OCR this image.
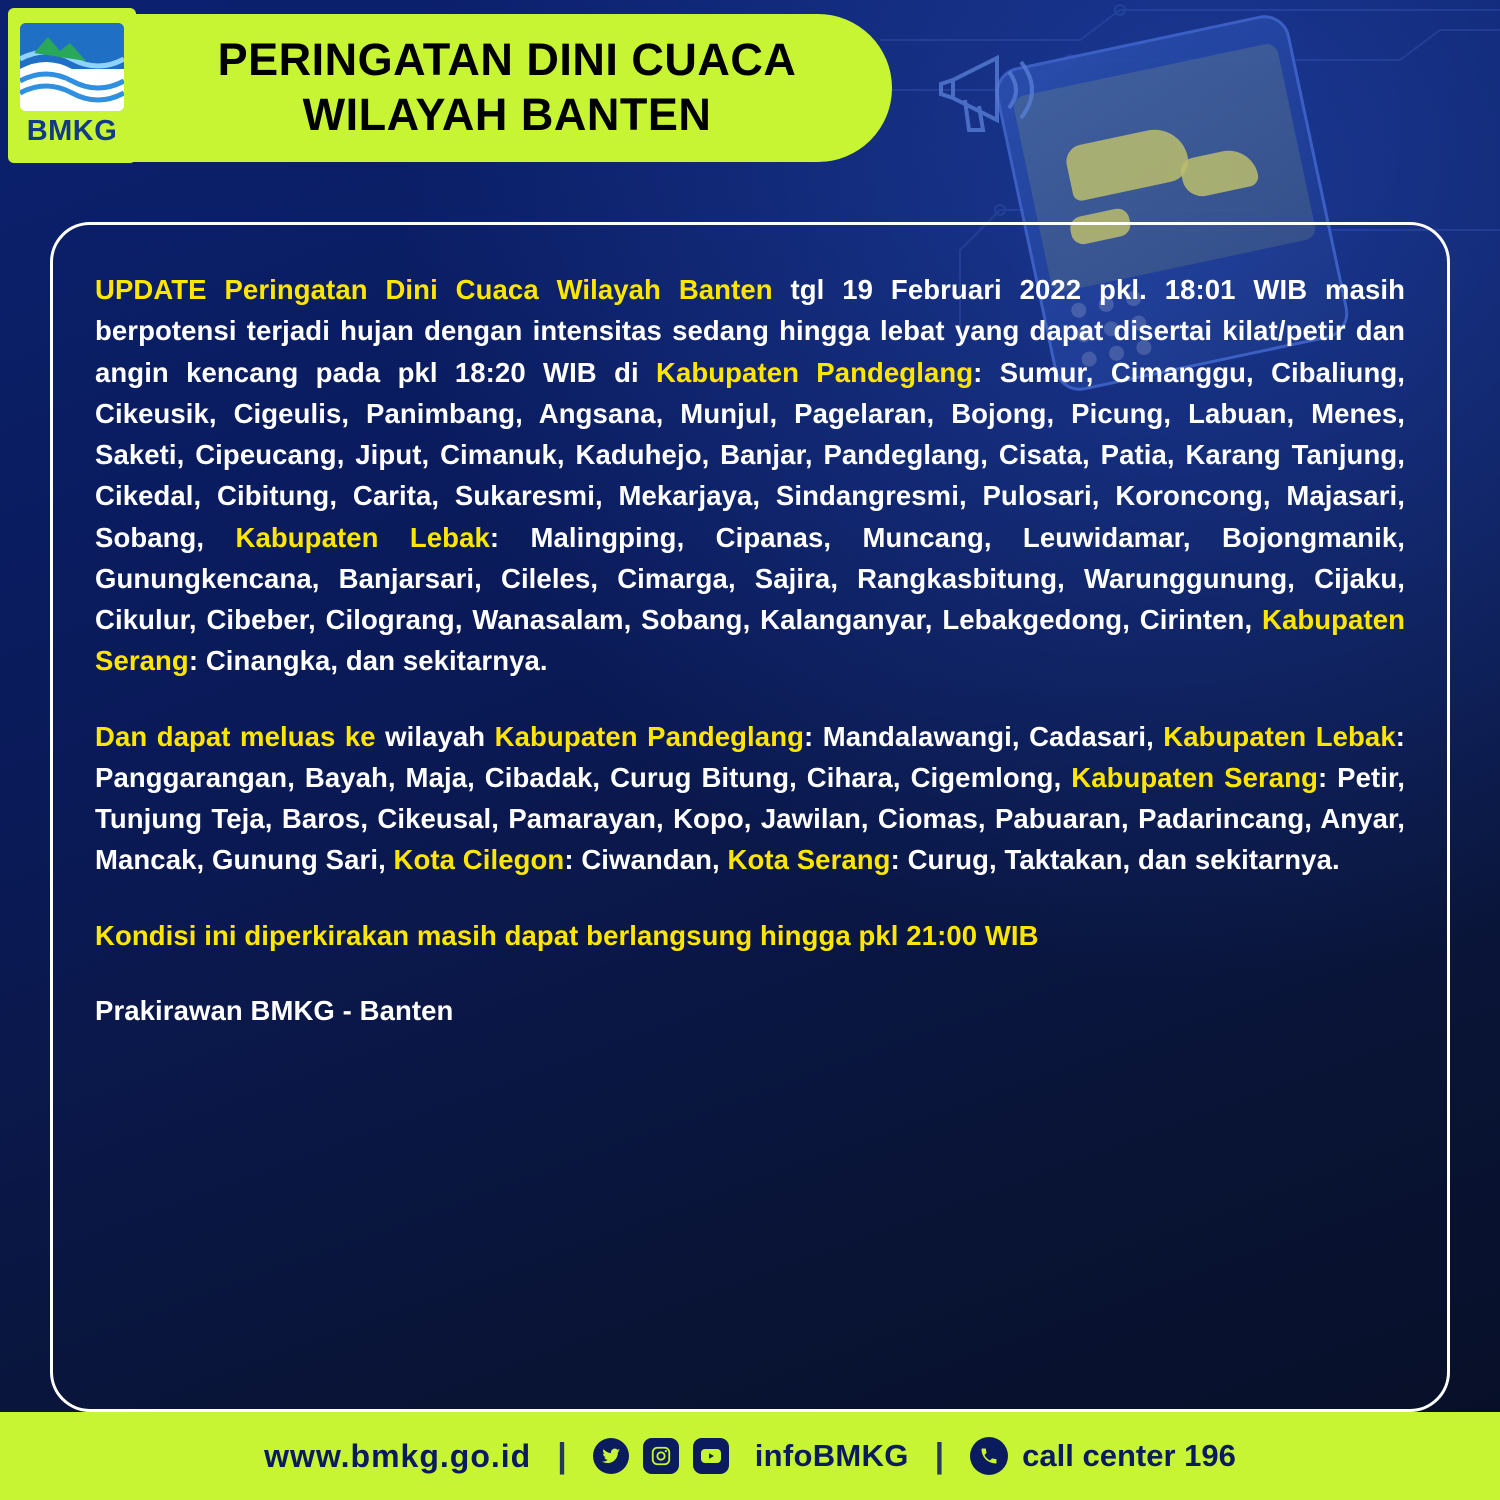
PERINGATAN DINI CUACA
WILAYAH BANTEN
BMKG

UPDATE Peringatan Dini Cuaca Wilayah Banten tgl 19 Februari 2022 pkl. 18:01 WIB masih berpotensi terjadi hujan dengan intensitas sedang hingga lebat yang dapat disertai kilat/petir dan angin kencang pada pkl 18:20 WIB di Kabupaten Pandeglang: Sumur, Cimanggu, Cibaliung, Cikeusik, Cigeulis, Panimbang, Angsana, Munjul, Pagelaran, Bojong, Picung, Labuan, Menes, Saketi, Cipeucang, Jiput, Cimanuk, Kaduhejo, Banjar, Pandeglang, Cisata, Patia, Karang Tanjung, Cikedal, Cibitung, Carita, Sukaresmi, Mekarjaya, Sindangresmi, Pulosari, Koroncong, Majasari, Sobang, Kabupaten Lebak: Malingping, Cipanas, Muncang, Leuwidamar, Bojongmanik, Gunungkencana, Banjarsari, Cileles, Cimarga, Sajira, Rangkasbitung, Warunggunung, Cijaku, Cikulur, Cibeber, Cilograng, Wanasalam, Sobang, Kalanganyar, Lebakgedong, Cirinten, Kabupaten Serang: Cinangka, dan sekitarnya.

Dan dapat meluas ke wilayah Kabupaten Pandeglang: Mandalawangi, Cadasari, Kabupaten Lebak: Panggarangan, Bayah, Maja, Cibadak, Curug Bitung, Cihara, Cigemlong, Kabupaten Serang: Petir, Tunjung Teja, Baros, Cikeusal, Pamarayan, Kopo, Jawilan, Ciomas, Pabuaran, Padarincang, Anyar, Mancak, Gunung Sari, Kota Cilegon: Ciwandan, Kota Serang: Curug, Taktakan, dan sekitarnya.

Kondisi ini diperkirakan masih dapat berlangsung hingga pkl 21:00 WIB

Prakirawan BMKG - Banten

www.bmkg.go.id |	infoBMKG |	call center 196
